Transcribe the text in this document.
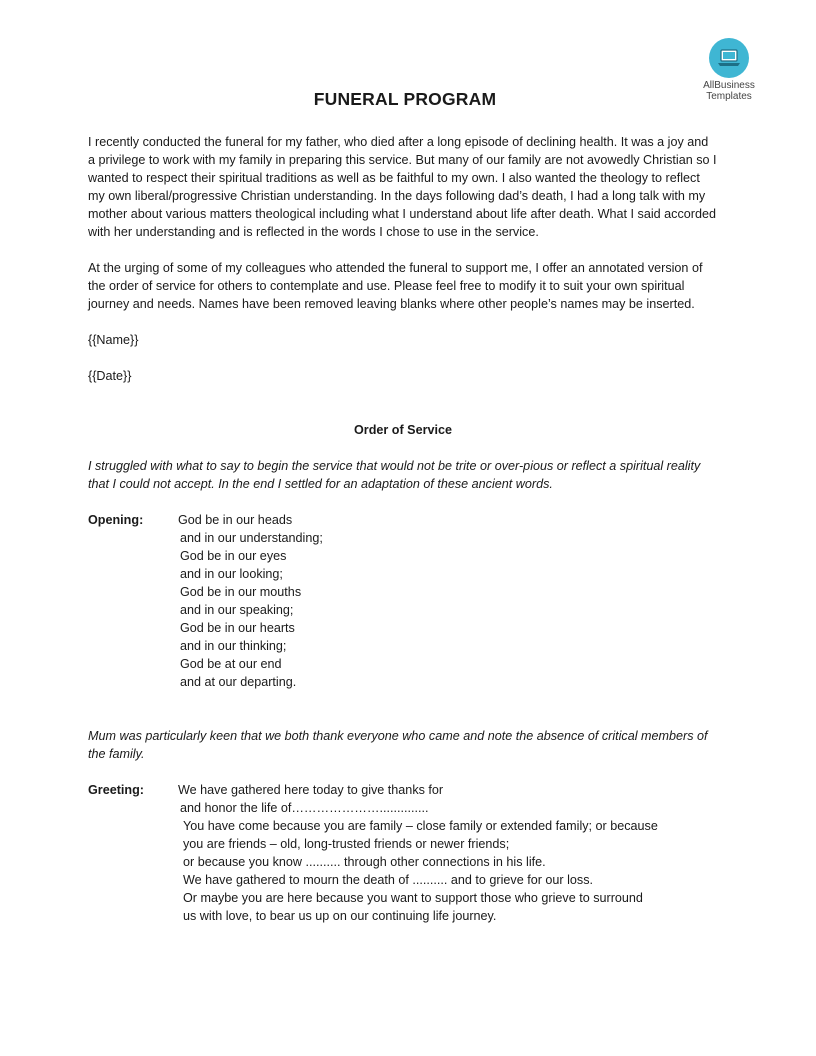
AllBusiness
Templates
FUNERAL PROGRAM

I recently conducted the funeral for my father, who died after a long episode of declining health. It was a joy and a privilege to work with my family in preparing this service. But many of our family are not avowedly Christian so I wanted to respect their spiritual traditions as well as be faithful to my own. I also wanted the theology to reflect my own liberal/progressive Christian understanding. In the days following dad’s death, I had a long talk with my mother about various matters theological including what I understand about life after death. What I said accorded with her understanding and is reflected in the words I chose to use in the service.

At the urging of some of my colleagues who attended the funeral to support me, I offer an annotated version of the order of service for others to contemplate and use. Please feel free to modify it to suit your own spiritual journey and needs. Names have been removed leaving blanks where other people’s names may be inserted.

{{Name}}

{{Date}}

Order of Service

I struggled with what to say to begin the service that would not be trite or over-pious or reflect a spiritual reality that I could not accept. In the end I settled for an adaptation of these ancient words.

Opening:	God be in our heads
and in our understanding;
God be in our eyes
and in our looking;
God be in our mouths
and in our speaking;
God be in our hearts
and in our thinking;
God be at our end
and at our departing.

Mum was particularly keen that we both thank everyone who came and note the absence of critical members of the family.

Greeting:	We have gathered here today to give thanks for
and honor the life of…………………..............
You have come because you are family – close family or extended family; or because
you are friends – old, long-trusted friends or newer friends;
or because you know .......... through other connections in his life.
We have gathered to mourn the death of .......... and to grieve for our loss.
Or maybe you are here because you want to support those who grieve to surround
us with love, to bear us up on our continuing life journey.
